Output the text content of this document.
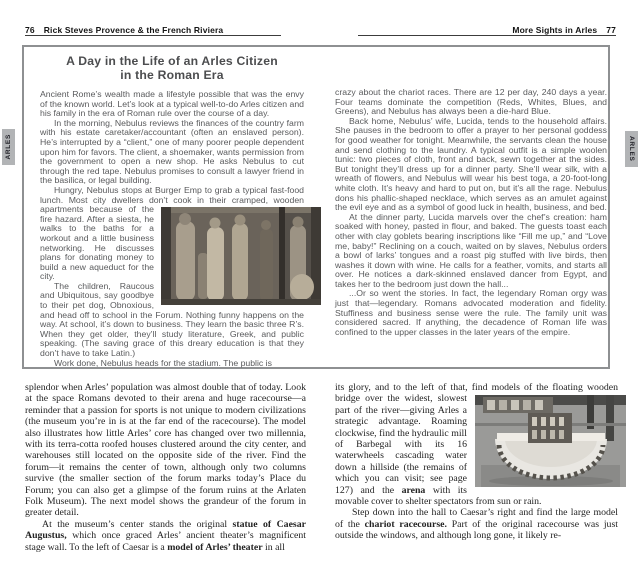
76 Rick Steves Provence & the French Riviera	More Sights in Arles 77
ARLES	ARLES
A Day in the Life of an Arles Citizen
in the Roman Era

Ancient Rome’s wealth made a lifestyle possible that was the envy of the known world. Let’s look at a typical well-to-do Arles citizen and his family in the era of Roman rule over the course of a day.

In the morning, Nebulus reviews the finances of the country farm with his estate caretaker/accountant (often an enslaved person). He’s interrupted by a “client,” one of many poorer people dependent upon him for favors. The client, a shoemaker, wants permission from the government to open a new shop. He asks Nebulus to cut through the red tape. Nebulus promises to consult a lawyer friend in the basilica, or legal building.

Hungry, Nebulus stops at Burger Emp to grab a typical fast-food lunch. Most city dwellers don’t cook in their cramped,
wooden apartments because of the fire hazard. After a siesta, he walks to the baths for a workout and a little business networking. He discusses plans for donating money to build a new aqueduct for the city.

The children, Raucous and Ubiquitous, say goodbye to their pet dog, Obnoxious, and head off to school in the Forum. Nothing funny happens on the way. At school, it’s down to business. They learn the basic three R’s. When they get older, they’ll study literature, Greek, and public speaking. (The saving grace of this dreary education is that they don’t have to take Latin.)

Work done, Nebulus heads for the stadium. The public is

crazy about the chariot races. There are 12 per day, 240 days a year. Four teams dominate the competition (Reds, Whites, Blues, and Greens), and Nebulus has always been a die-hard Blue.

Back home, Nebulus’ wife, Lucida, tends to the household affairs. She pauses in the bedroom to offer a prayer to her personal goddess for good weather for tonight. Meanwhile, the servants clean the house and send clothing to the laundry. A typical outfit is a simple woolen tunic: two pieces of cloth, front and back, sewn together at the sides. But tonight they’ll dress up for a dinner party. She’ll wear silk, with a wreath of flowers, and Nebulus will wear his best toga, a 20-foot-long white cloth. It’s heavy and hard to put on, but it’s all the rage. Nebulus dons his phallic-shaped necklace, which serves as an amulet against the evil eye and as a symbol of good luck in health, business, and bed.

At the dinner party, Lucida marvels over the chef’s creation: ham soaked with honey, pasted in flour, and baked. The guests toast each other with clay goblets bearing inscriptions like “Fill me up,” and “Love me, baby!” Reclining on a couch, waited on by slaves, Nebulus orders a bowl of larks’ tongues and a roast pig stuffed with live birds, then washes it down with wine. He calls for a feather, vomits, and starts all over. He notices a dark-skinned enslaved dancer from Egypt, and takes her to the bedroom just down the hall...

...Or so went the stories. In fact, the legendary Roman orgy was just that—legendary. Romans advocated moderation and fidelity. Stuffiness and business sense were the rule. The family unit was considered sacred. If anything, the decadence of Roman life was confined to the upper classes in the later years of the empire.

splendor when Arles’ population was almost double that of today. Look at the space Romans devoted to their arena and huge racecourse—a reminder that a passion for sports is not unique to modern civilizations (the museum you’re in is at the far end of the racecourse). The model also illustrates how little Arles’ core has changed over two millennia, with its terra-cotta roofed houses clustered around the city center, and warehouses still located on the opposite side of the river. Find the forum—it remains the center of town, although only two columns survive (the smaller section of the forum marks today’s Place du Forum; you can also get a glimpse of the forum ruins at the Arlaten Folk Museum). The next model shows the grandeur of the forum in greater detail.

At the museum’s center stands the original statue of Caesar Augustus, which once graced Arles’ ancient theater’s magnificent stage wall. To the left of Caesar is a model of Arles’ theater in all

its glory, and to the left of that, find models of the floating wooden
bridge over the widest, slowest part of the river—giving Arles a strategic advantage. Roaming clockwise, find the hydraulic mill of Barbegal with its 16 waterwheels cascading water down a hillside (the remains of which you can visit; see page 127) and the arena with its movable cover to shelter spectators from sun or rain.

Step down into the hall to Caesar’s right and find the large model of the chariot racecourse. Part of the original racecourse was just outside the windows, and although long gone, it likely re-
